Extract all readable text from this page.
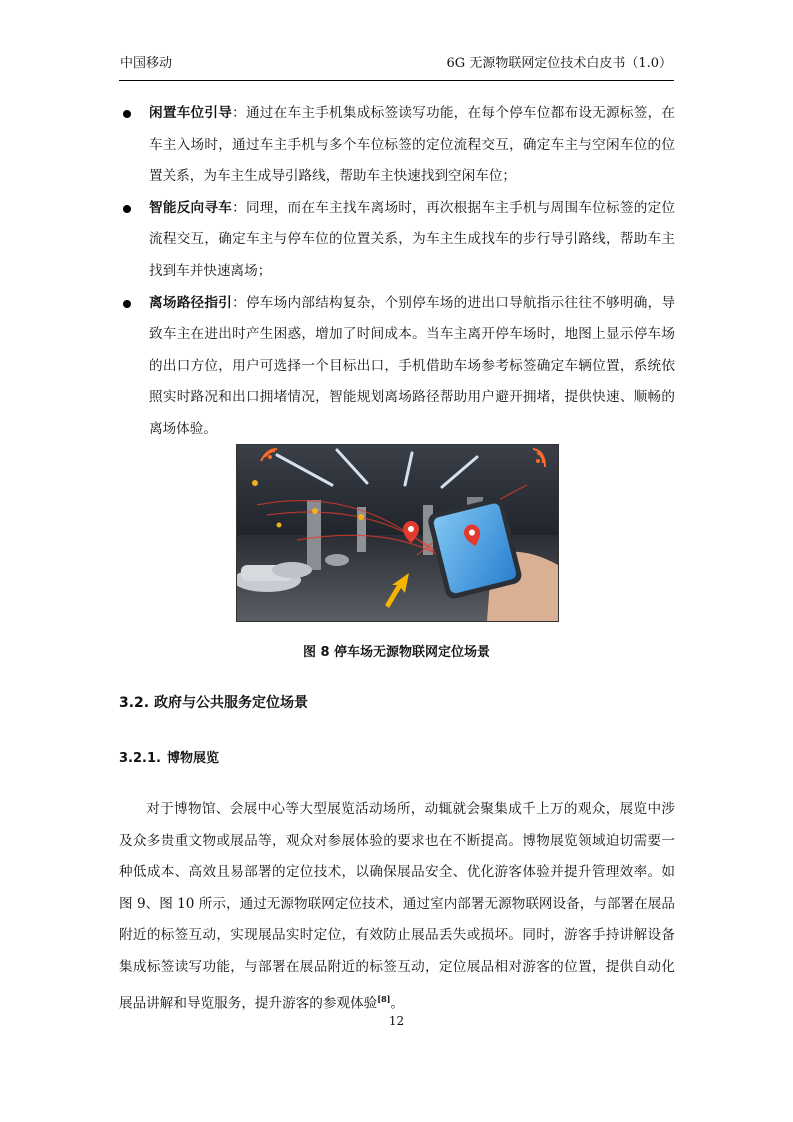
中国移动	6G 无源物联网定位技术白皮书（1.0）
闲置车位引导：通过在车主手机集成标签读写功能，在每个停车位都布设无源标签，在车主入场时，通过车主手机与多个车位标签的定位流程交互，确定车主与空闲车位的位置关系，为车主生成导引路线，帮助车主快速找到空闲车位；
智能反向寻车：同理，而在车主找车离场时，再次根据车主手机与周围车位标签的定位流程交互，确定车主与停车位的位置关系，为车主生成找车的步行导引路线，帮助车主找到车并快速离场；
离场路径指引：停车场内部结构复杂，个别停车场的进出口导航指示往往不够明确，导致车主在进出时产生困惑，增加了时间成本。当车主离开停车场时，地图上显示停车场的出口方位，用户可选择一个目标出口，手机借助车场参考标签确定车辆位置，系统依照实时路况和出口拥堵情况，智能规划离场路径帮助用户避开拥堵，提供快速、顺畅的离场体验。
图 8 停车场无源物联网定位场景
3.2. 政府与公共服务定位场景
3.2.1. 博物展览

对于博物馆、会展中心等大型展览活动场所，动辄就会聚集成千上万的观众，展览中涉及众多贵重文物或展品等，观众对参展体验的要求也在不断提高。博物展览领域迫切需要一种低成本、高效且易部署的定位技术，以确保展品安全、优化游客体验并提升管理效率。如图 9、图 10 所示，通过无源物联网定位技术，通过室内部署无源物联网设备，与部署在展品附近的标签互动，实现展品实时定位，有效防止展品丢失或损坏。同时，游客手持讲解设备集成标签读写功能，与部署在展品附近的标签互动，定位展品相对游客的位置，提供自动化展品讲解和导览服务，提升游客的参观体验[8]。

12
